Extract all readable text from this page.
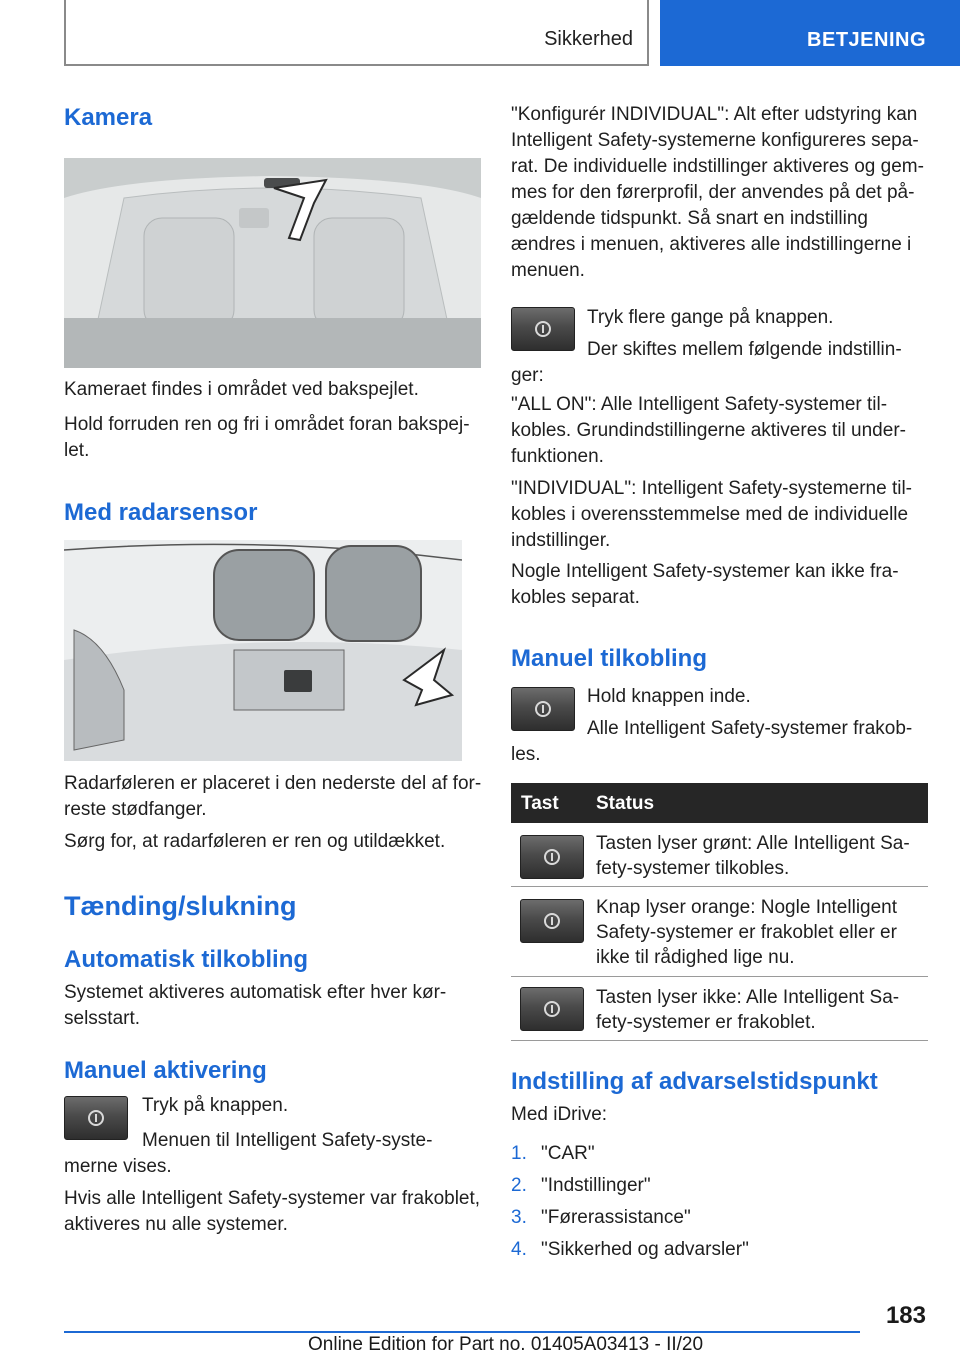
Sikkerhed	BETJENING
Kamera

Kameraet findes i området ved bakspejlet.

Hold forruden ren og fri i området foran bakspej-let.

Med radarsensor

Radarføleren er placeret i den nederste del af for-reste stødfanger.

Sørg for, at radarføleren er ren og utildækket.

Tænding/slukning
Automatisk tilkobling

Systemet aktiveres automatisk efter hver kør-selsstart.

Manuel aktivering

Tryk på knappen.

Menuen til Intelligent Safety-syste-merne vises.

Hvis alle Intelligent Safety-systemer var frakoblet, aktiveres nu alle systemer.

"Konfigurér INDIVIDUAL": Alt efter udstyring kan Intelligent Safety-systemerne konfigureres sepa-rat. De individuelle indstillinger aktiveres og gem-mes for den førerprofil, der anvendes på det på-gældende tidspunkt. Så snart en indstilling ændres i menuen, aktiveres alle indstillingerne i menuen.

Tryk flere gange på knappen.

Der skiftes mellem følgende indstillin-ger:

"ALL ON": Alle Intelligent Safety-systemer til-kobles. Grundindstillingerne aktiveres til under-funktionen.

"INDIVIDUAL": Intelligent Safety-systemerne til-kobles i overensstemmelse med de individuelle indstillinger.

Nogle Intelligent Safety-systemer kan ikke fra-kobles separat.

Manuel tilkobling

Hold knappen inde.

Alle Intelligent Safety-systemer frakob-les.

Tast Status
Tasten lyser grønt: Alle Intelligent Sa-fety-systemer tilkobles.
Knap lyser orange: Nogle Intelligent Safety-systemer er frakoblet eller er ikke til rådighed lige nu.
Tasten lyser ikke: Alle Intelligent Sa-fety-systemer er frakoblet.
Indstilling af advarselstidspunkt

Med iDrive:

1. "CAR"
2. "Indstillinger"
3. "Førerassistance"
4. "Sikkerhed og advarsler"
183
Online Edition for Part no. 01405A03413 - II/20
